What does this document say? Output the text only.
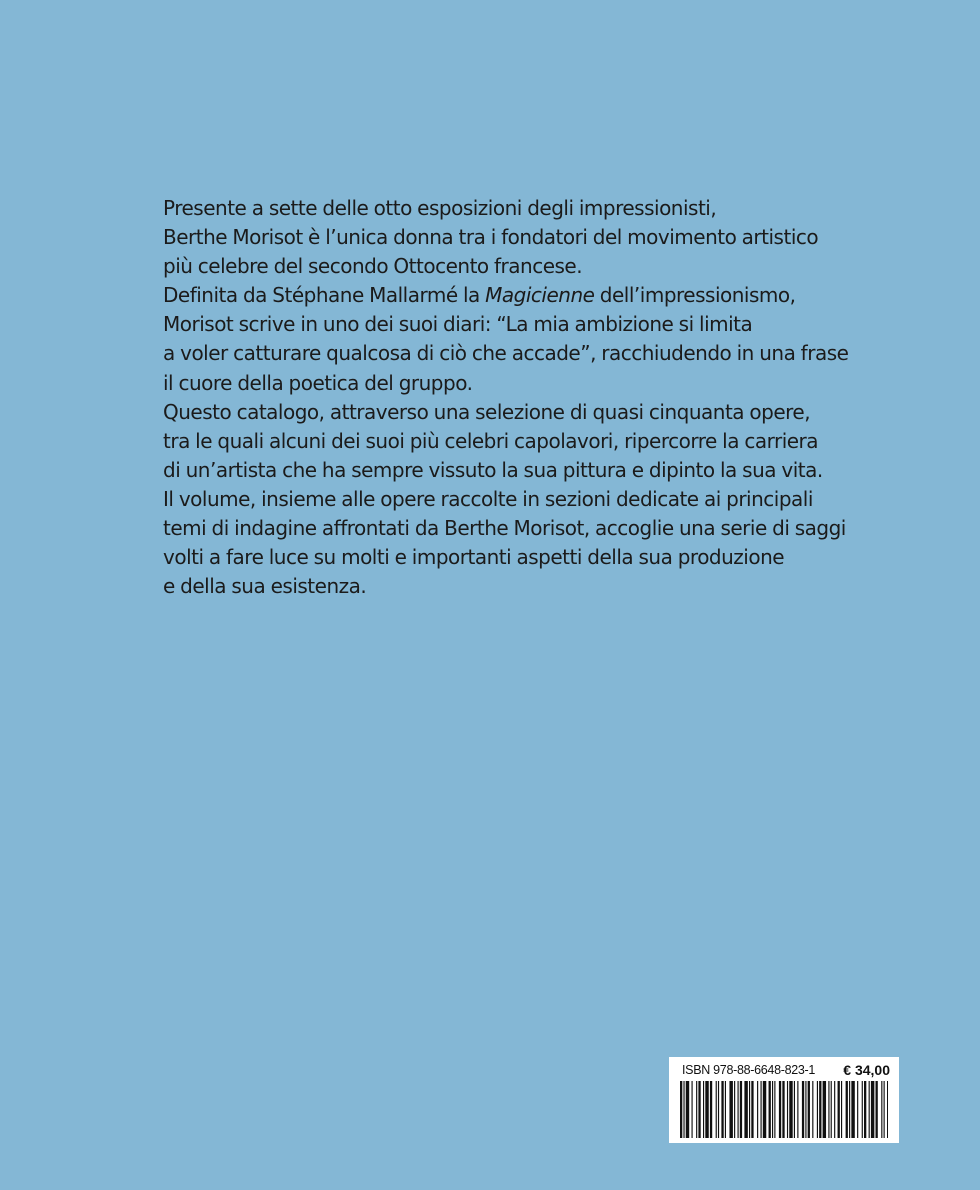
Presente a sette delle otto esposizioni degli impressionisti,
Berthe Morisot è l’unica donna tra i fondatori del movimento artistico
più celebre del secondo Ottocento francese.
Definita da Stéphane Mallarmé la Magicienne dell’impressionismo,
Morisot scrive in uno dei suoi diari: “La mia ambizione si limita
a voler catturare qualcosa di ciò che accade”, racchiudendo in una frase
il cuore della poetica del gruppo.
Questo catalogo, attraverso una selezione di quasi cinquanta opere,
tra le quali alcuni dei suoi più celebri capolavori, ripercorre la carriera
di un’artista che ha sempre vissuto la sua pittura e dipinto la sua vita.
Il volume, insieme alle opere raccolte in sezioni dedicate ai principali
temi di indagine affrontati da Berthe Morisot, accoglie una serie di saggi
volti a fare luce su molti e importanti aspetti della sua produzione
e della sua esistenza.
ISBN 978-88-6648-823-1 € 34,00
